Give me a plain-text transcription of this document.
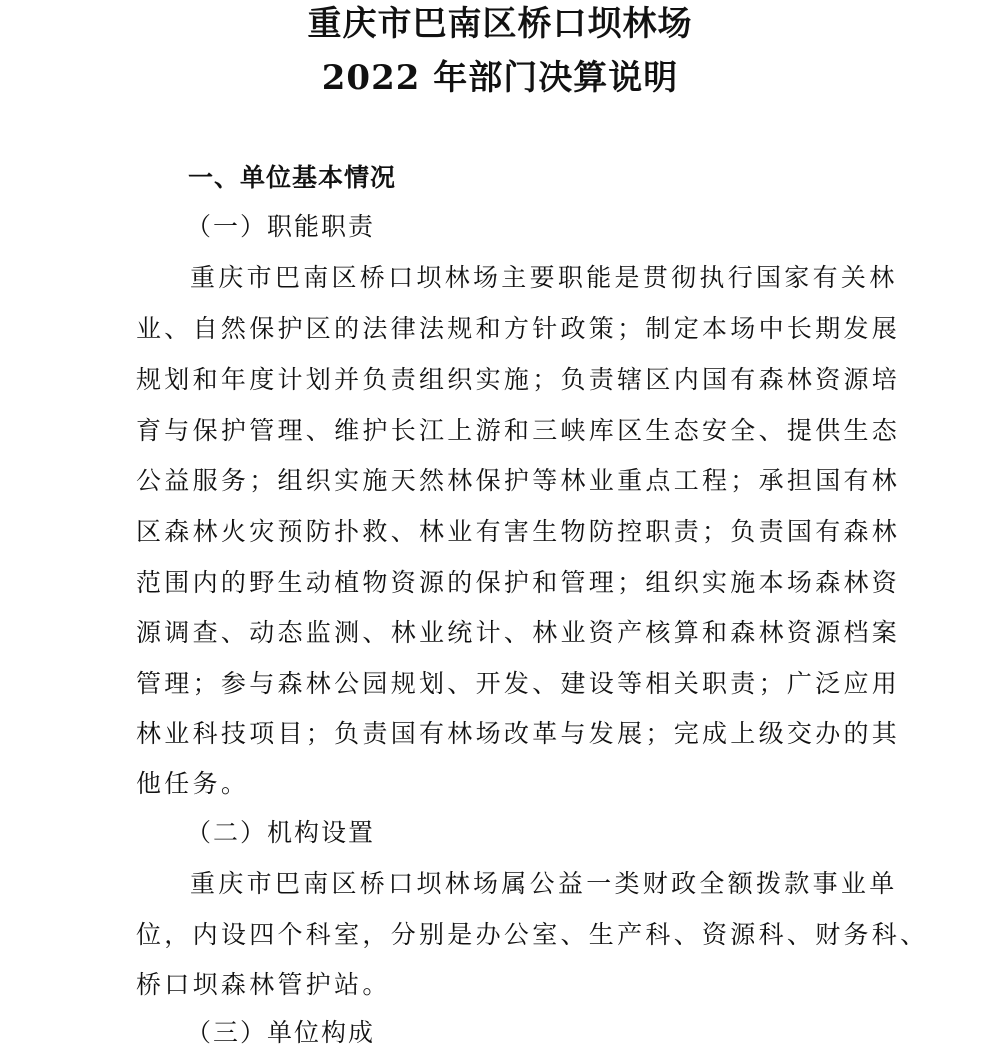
重庆市巴南区桥口坝林场
2022 年部门决算说明
一、单位基本情况
（一）职能职责
重庆市巴南区桥口坝林场主要职能是贯彻执行国家有关林
业、自然保护区的法律法规和方针政策；制定本场中长期发展
规划和年度计划并负责组织实施；负责辖区内国有森林资源培
育与保护管理、维护长江上游和三峡库区生态安全、提供生态
公益服务；组织实施天然林保护等林业重点工程；承担国有林
区森林火灾预防扑救、林业有害生物防控职责；负责国有森林
范围内的野生动植物资源的保护和管理；组织实施本场森林资
源调查、动态监测、林业统计、林业资产核算和森林资源档案
管理；参与森林公园规划、开发、建设等相关职责；广泛应用
林业科技项目；负责国有林场改革与发展；完成上级交办的其
他任务。
（二）机构设置
重庆市巴南区桥口坝林场属公益一类财政全额拨款事业单
位，内设四个科室，分别是办公室、生产科、资源科、财务科、
桥口坝森林管护站。
（三）单位构成
